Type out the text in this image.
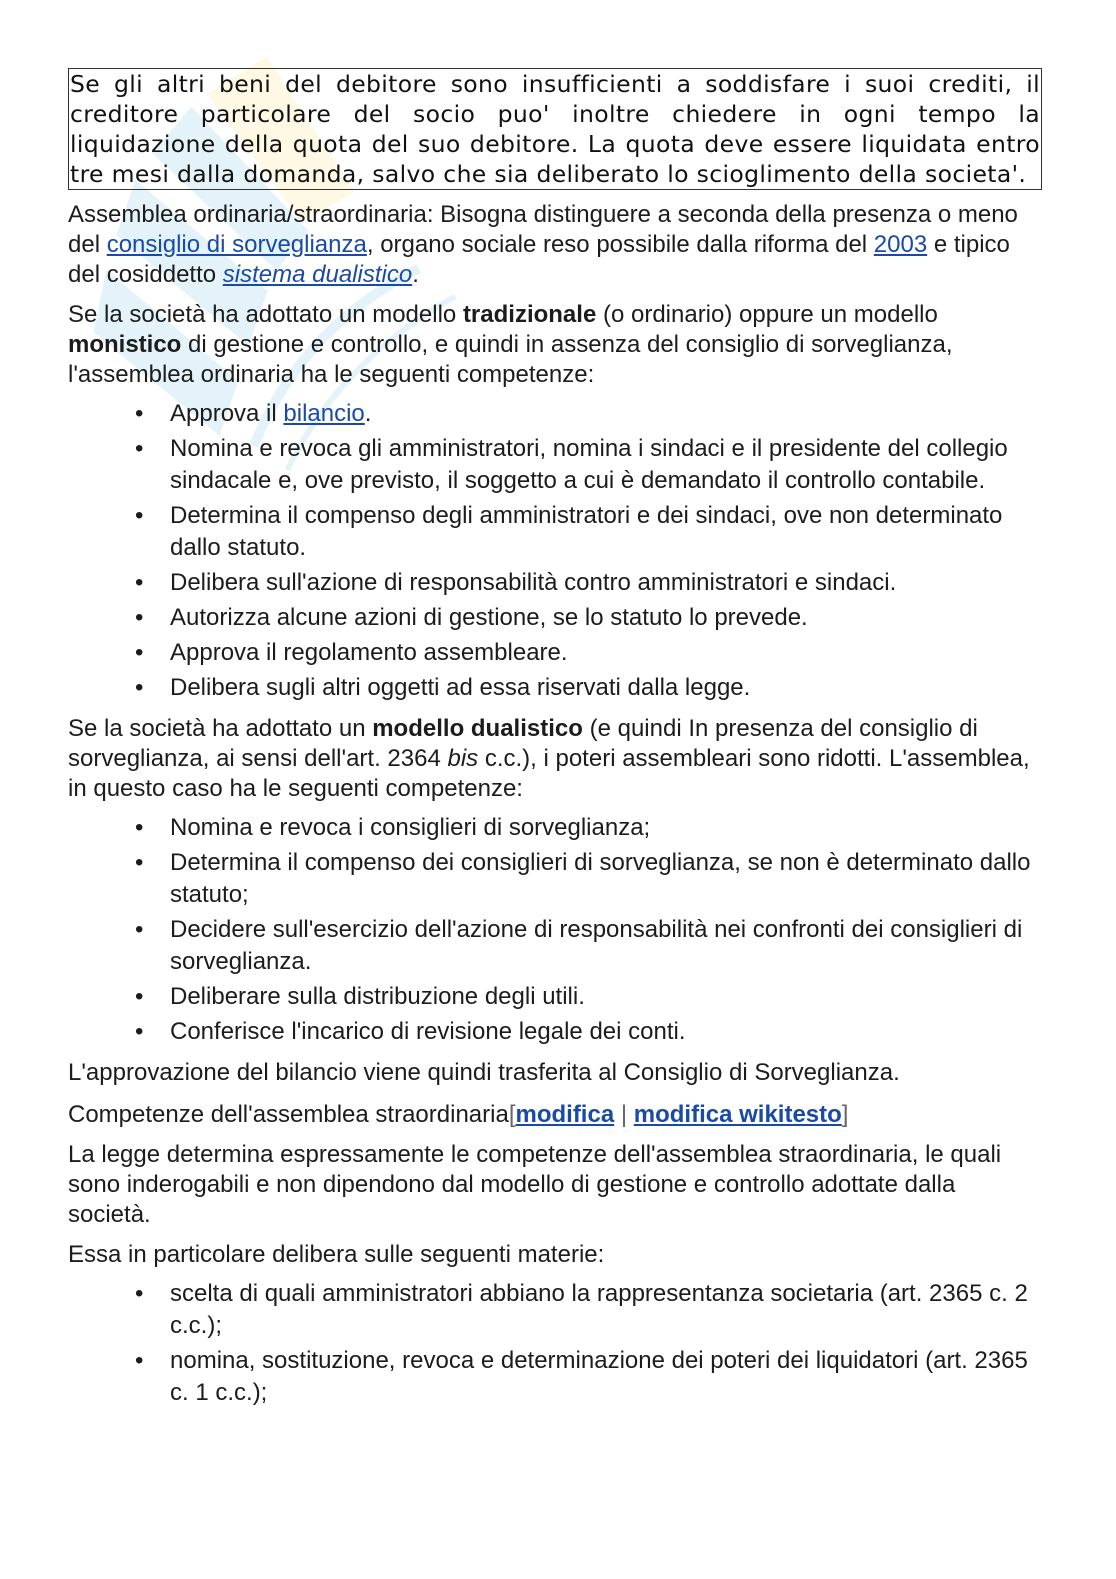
Se gli altri beni del debitore sono insufficienti a soddisfare i suoi crediti, il creditore particolare del socio puo' inoltre chiedere in ogni tempo la liquidazione della quota del suo debitore. La quota deve essere liquidata entro tre mesi dalla domanda, salvo che sia deliberato lo scioglimento della societa'.

Assemblea ordinaria/straordinaria: Bisogna distinguere a seconda della presenza o meno del consiglio di sorveglianza, organo sociale reso possibile dalla riforma del 2003 e tipico del cosiddetto sistema dualistico.

Se la società ha adottato un modello tradizionale (o ordinario) oppure un modello monistico di gestione e controllo, e quindi in assenza del consiglio di sorveglianza, l'assemblea ordinaria ha le seguenti competenze:

• Approva il bilancio.
• Nomina e revoca gli amministratori, nomina i sindaci e il presidente del collegio sindacale e, ove previsto, il soggetto a cui è demandato il controllo contabile.
• Determina il compenso degli amministratori e dei sindaci, ove non determinato dallo statuto.
• Delibera sull'azione di responsabilità contro amministratori e sindaci.
• Autorizza alcune azioni di gestione, se lo statuto lo prevede.
• Approva il regolamento assembleare.
• Delibera sugli altri oggetti ad essa riservati dalla legge.

Se la società ha adottato un modello dualistico (e quindi In presenza del consiglio di sorveglianza, ai sensi dell'art. 2364 bis c.c.), i poteri assembleari sono ridotti. L'assemblea, in questo caso ha le seguenti competenze:

• Nomina e revoca i consiglieri di sorveglianza;
• Determina il compenso dei consiglieri di sorveglianza, se non è determinato dallo statuto;
• Decidere sull'esercizio dell'azione di responsabilità nei confronti dei consiglieri di sorveglianza.
• Deliberare sulla distribuzione degli utili.
• Conferisce l'incarico di revisione legale dei conti.

L'approvazione del bilancio viene quindi trasferita al Consiglio di Sorveglianza.

Competenze dell'assemblea straordinaria[modifica | modifica wikitesto]

La legge determina espressamente le competenze dell'assemblea straordinaria, le quali sono inderogabili e non dipendono dal modello di gestione e controllo adottate dalla società.

Essa in particolare delibera sulle seguenti materie:

• scelta di quali amministratori abbiano la rappresentanza societaria (art. 2365 c. 2 c.c.);
• nomina, sostituzione, revoca e determinazione dei poteri dei liquidatori (art. 2365 c. 1 c.c.);
